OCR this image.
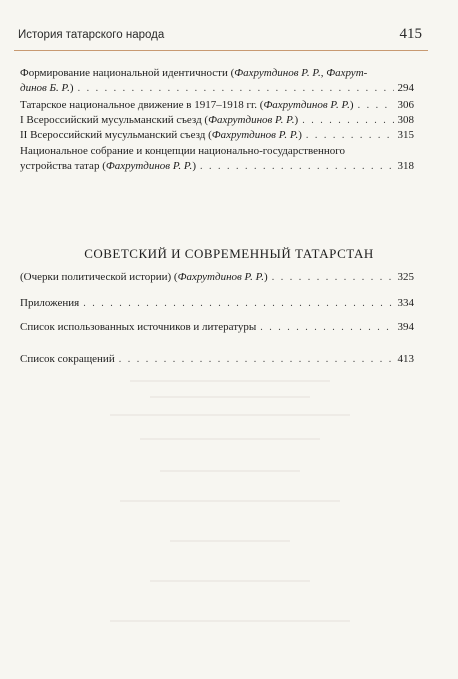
История татарского народа	415
Формирование национальной идентичности (Фахрутдинов Р. Р., Фахрут-
динов Б. Р. ) . . .	294
Татарское национальное движение в 1917–1918 гг. ( Фахрутдинов Р. Р. ) . . .	306
I Всероссийский мусульманский съезд ( Фахрутдинов Р. Р. ) . . .	308
II Всероссийский мусульманский съезд ( Фахрутдинов Р. Р. ) . . .	315
Национальное собрание и концепции национально-государственного
устройства татар ( Фахрутдинов Р. Р. ) . . .	318
СОВЕТСКИЙ И СОВРЕМЕННЫЙ ТАТАРСТАН
(Очерки политической истории) ( Фахрутдинов Р. Р. ) . . .	325
Приложения . . .	334
Список использованных источников и литературы . . .	394
Список сокращений . . .	413
